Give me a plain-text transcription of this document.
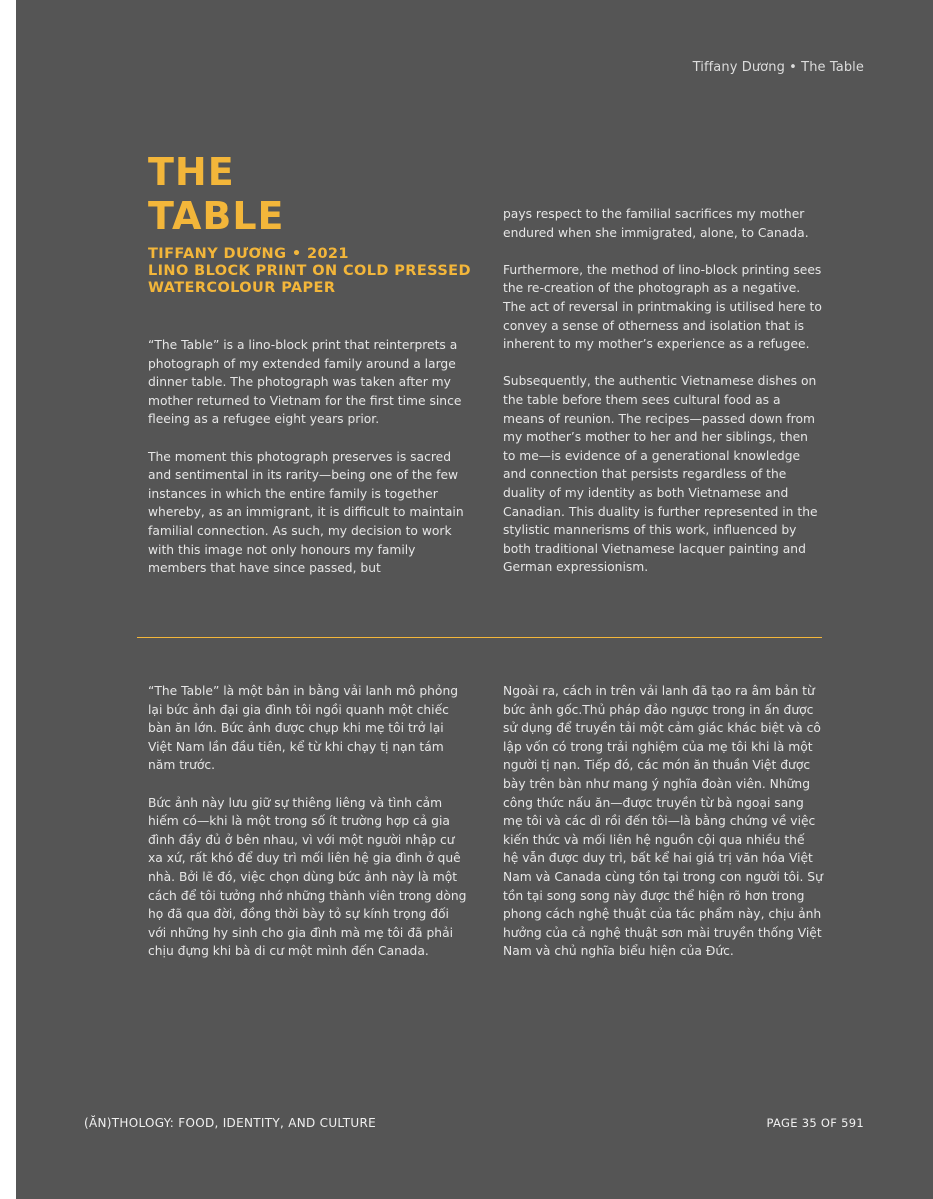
Tiffany Dương • The Table
THE
TABLE
TIFFANY DƯƠNG • 2021
LINO BLOCK PRINT ON COLD PRESSED
WATERCOLOUR PAPER

“The Table” is a lino-block print that reinterprets a photograph of my extended family around a large dinner table. The photograph was taken after my mother returned to Vietnam for the first time since fleeing as a refugee eight years prior.

The moment this photograph preserves is sacred and sentimental in its rarity—being one of the few instances in which the entire family is together whereby, as an immigrant, it is difficult to maintain familial connection. As such, my decision to work with this image not only honours my family members that have since passed, but

pays respect to the familial sacrifices my mother endured when she immigrated, alone, to Canada.

Furthermore, the method of lino-block printing sees the re-creation of the photograph as a negative. The act of reversal in printmaking is utilised here to convey a sense of otherness and isolation that is inherent to my mother’s experience as a refugee.

Subsequently, the authentic Vietnamese dishes on the table before them sees cultural food as a means of reunion. The recipes—passed down from my mother’s mother to her and her siblings, then to me—is evidence of a generational knowledge and connection that persists regardless of the duality of my identity as both Vietnamese and Canadian. This duality is further represented in the stylistic mannerisms of this work, influenced by both traditional Vietnamese lacquer painting and German expressionism.

“The Table” là một bản in bằng vải lanh mô phỏng lại bức ảnh đại gia đình tôi ngồi quanh một chiếc bàn ăn lớn. Bức ảnh được chụp khi mẹ tôi trở lại Việt Nam lần đầu tiên, kể từ khi chạy tị nạn tám năm trước.

Bức ảnh này lưu giữ sự thiêng liêng và tình cảm hiếm có—khi là một trong số ít trường hợp cả gia đình đầy đủ ở bên nhau, vì với một người nhập cư xa xứ, rất khó để duy trì mối liên hệ gia đình ở quê nhà. Bởi lẽ đó, việc chọn dùng bức ảnh này là một cách để tôi tưởng nhớ những thành viên trong dòng họ đã qua đời, đồng thời bày tỏ sự kính trọng đối với những hy sinh cho gia đình mà mẹ tôi đã phải chịu đựng khi bà di cư một mình đến Canada.

Ngoài ra, cách in trên vải lanh đã tạo ra âm bản từ bức ảnh gốc.Thủ pháp đảo ngược trong in ấn được sử dụng để truyền tải một cảm giác khác biệt và cô lập vốn có trong trải nghiệm của mẹ tôi khi là một người tị nạn. Tiếp đó, các món ăn thuần Việt được bày trên bàn như mang ý nghĩa đoàn viên. Những công thức nấu ăn—được truyền từ bà ngoại sang mẹ tôi và các dì rồi đến tôi—là bằng chứng về việc kiến thức và mối liên hệ nguồn cội qua nhiều thế hệ vẫn được duy trì, bất kể hai giá trị văn hóa Việt Nam và Canada cùng tồn tại trong con người tôi. Sự tồn tại song song này được thể hiện rõ hơn trong phong cách nghệ thuật của tác phẩm này, chịu ảnh hưởng của cả nghệ thuật sơn mài truyền thống Việt Nam và chủ nghĩa biểu hiện của Đức.

(ĂN)THOLOGY: FOOD, IDENTITY, AND CULTURE	PAGE 35 OF 591
